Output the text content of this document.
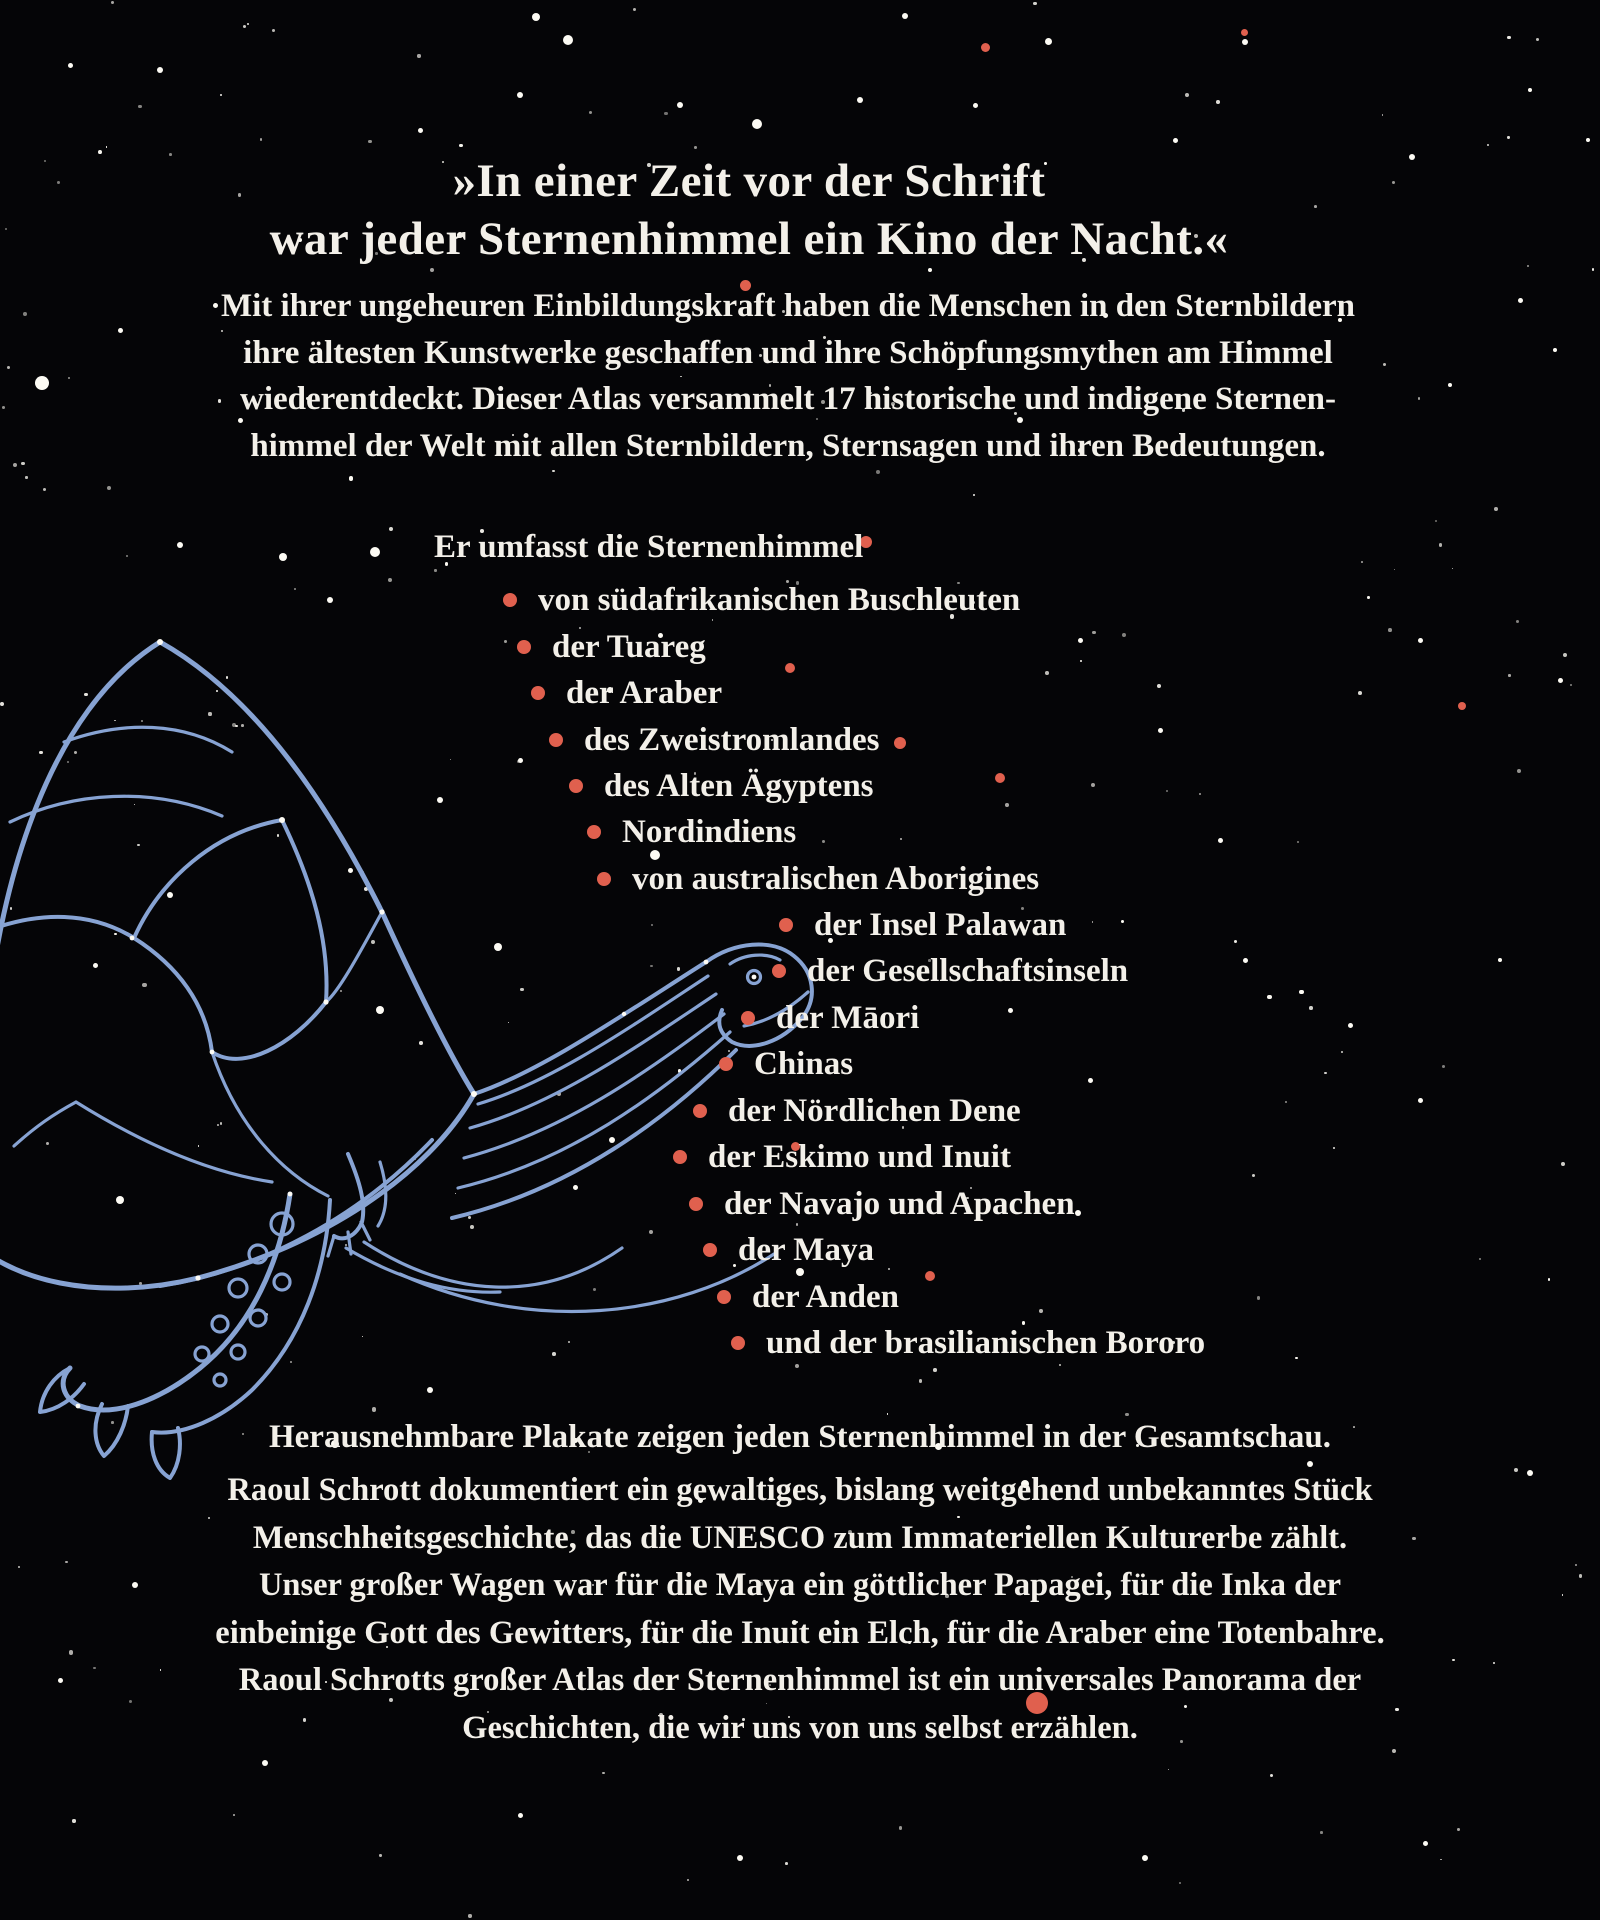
»In einer Zeit vor der Schrift
war jeder Sternenhimmel ein Kino der Nacht.«
Mit ihrer ungeheuren Einbildungskraft haben die Menschen in den Sternbildern
ihre ältesten Kunstwerke geschaffen und ihre Schöpfungsmythen am Himmel
wiederentdeckt. Dieser Atlas versammelt 17 historische und indigene Sternen-
himmel der Welt mit allen Sternbildern, Sternsagen und ihren Bedeutungen.
Er umfasst die Sternenhimmel
von südafrikanischen Buschleuten
der Tuareg
der Araber
des Zweistromlandes
des Alten Ägyptens
Nordindiens
von australischen Aborigines
der Insel Palawan
der Gesellschaftsinseln
der Māori
Chinas
der Nördlichen Dene
der Eskimo und Inuit
der Navajo und Apachen
der Maya
der Anden
und der brasilianischen Bororo
Herausnehmbare Plakate zeigen jeden Sternenhimmel in der Gesamtschau.
Raoul Schrott dokumentiert ein gewaltiges, bislang weitgehend unbekanntes Stück
Menschheitsgeschichte, das die UNESCO zum Immateriellen Kulturerbe zählt.
Unser großer Wagen war für die Maya ein göttlicher Papagei, für die Inka der
einbeinige Gott des Gewitters, für die Inuit ein Elch, für die Araber eine Totenbahre.
Raoul Schrotts großer Atlas der Sternenhimmel ist ein universales Panorama der
Geschichten, die wir uns von uns selbst erzählen.
